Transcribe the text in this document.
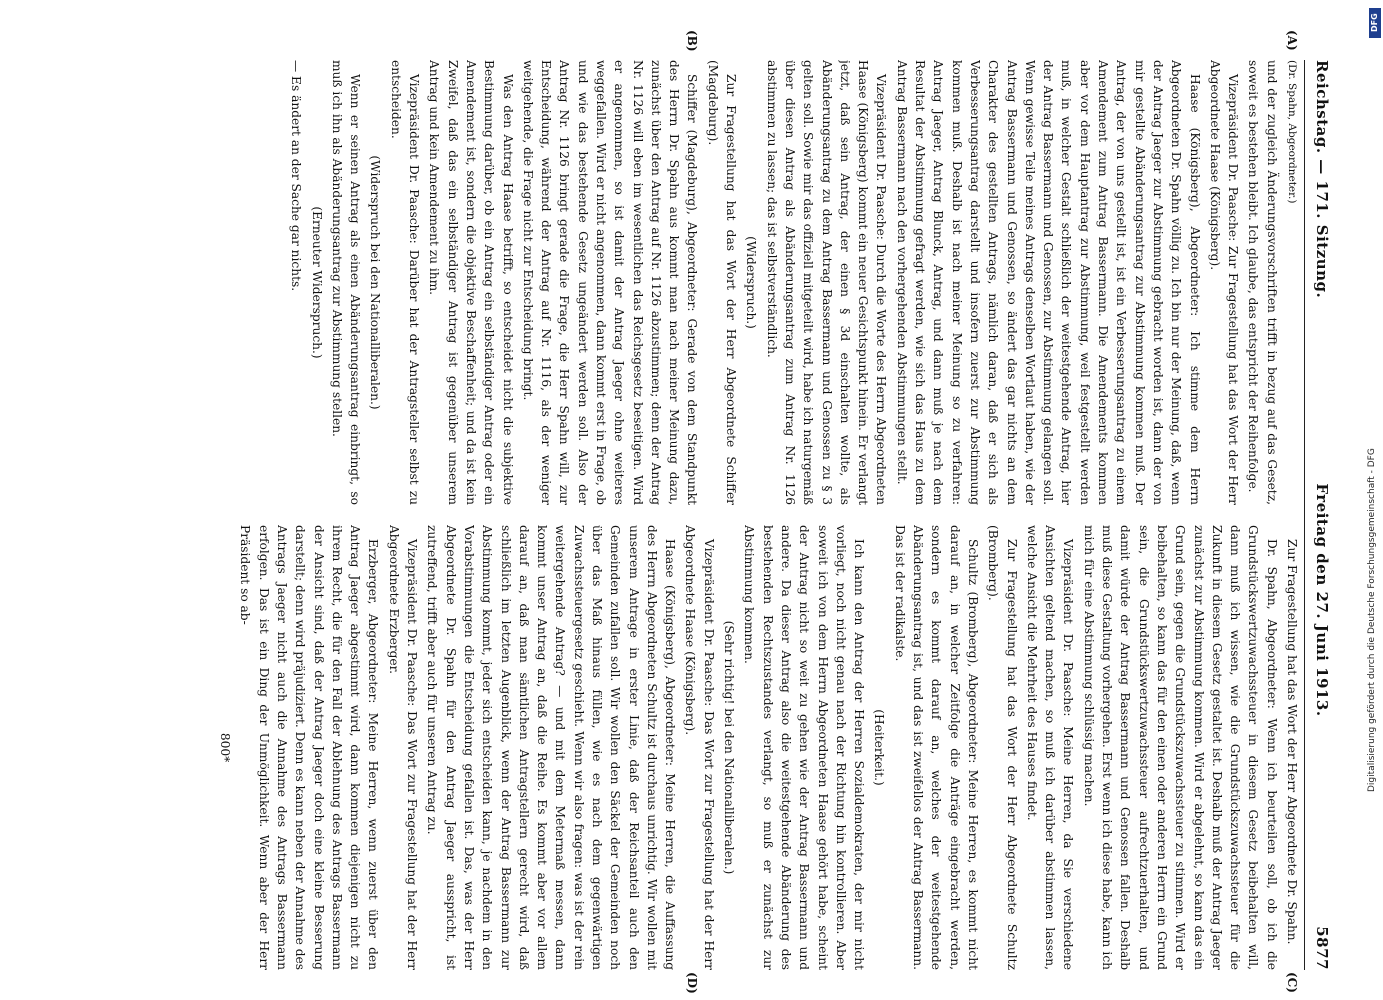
Reichstag. — 171. Sitzung.
Freitag den 27. Juni 1913.
5877
(A)
(B)
(C)
(D)

(Dr. Spahn, Abgeordneter.)

und der zugleich Änderungsvorschriften trifft in bezug auf das Gesetz, soweit es bestehen bleibt. Ich glaube, das entspricht der Reihenfolge.

Vizepräsident Dr. Paasche: Zur Fragestellung hat das Wort der Herr Abgeordnete Haase (Königsberg).

Haase (Königsberg), Abgeordneter: Ich stimme dem Herrn Abgeordneten Dr. Spahn völlig zu. Ich bin nur der Meinung, daß, wenn der Antrag Jaeger zur Abstimmung gebracht worden ist, dann der von mir gestellte Abänderungsantrag zur Abstimmung kommen muß. Der Antrag, der von uns gestellt ist, ist ein Verbesserungsantrag zu einem Amendement zum Antrag Bassermann. Die Amendements kommen aber vor dem Hauptantrag zur Abstimmung, weil festgestellt werden muß, in welcher Gestalt schließlich der weitestgehende Antrag, hier der Antrag Bassermann und Genossen, zur Abstimmung gelangen soll. Wenn gewisse Teile meines Antrags denselben Wortlaut haben, wie der Antrag Bassermann und Genossen, so ändert das gar nichts an dem Charakter des gestellten Antrags, nämlich daran, daß er sich als Verbesserungsantrag darstellt und insofern zuerst zur Abstimmung kommen muß. Deshalb ist nach meiner Meinung so zu verfahren: Antrag Jaeger, Antrag Blunck, Antrag, und dann muß je nach dem Resultat der Abstimmung gefragt werden, wie sich das Haus zu dem Antrag Bassermann nach den vorhergehenden Abstimmungen stellt.

Vizepräsident Dr. Paasche: Durch die Worte des Herrn Abgeordneten Haase (Königsberg) kommt ein neuer Gesichtspunkt hinein. Er verlangt jetzt, daß sein Antrag, der einen § 3d einschalten wollte, als Abänderungsantrag zu dem Antrag Bassermann und Genossen zu § 3 gelten soll. Sowie mir das offiziell mitgeteilt wird, habe ich naturgemäß über diesen Antrag als Abänderungsantrag zum Antrag Nr. 1126 abstimmen zu lassen; das ist selbstverständlich.

(Widerspruch.)

Zur Fragestellung hat das Wort der Herr Abgeordnete Schiffer (Magdeburg).

Schiffer (Magdeburg), Abgeordneter: Gerade von dem Standpunkt des Herrn Dr. Spahn aus kommt man nach meiner Meinung dazu, zunächst über den Antrag auf Nr. 1126 abzustimmen; denn der Antrag Nr. 1126 will eben im wesentlichen das Reichsgesetz beseitigen. Wird er angenommen, so ist damit der Antrag Jaeger ohne weiteres weggefallen. Wird er nicht angenommen, dann kommt erst in Frage, ob und wie das bestehende Gesetz ungeändert werden soll. Also der Antrag Nr. 1126 bringt gerade die Frage, die Herr Spahn will, zur Entscheidung, während der Antrag auf Nr. 1116, als der weniger weitgehende, die Frage nicht zur Entscheidung bringt.

Was den Antrag Haase betrifft, so entscheidet nicht die subjektive Bestimmung darüber, ob ein Antrag ein selbständiger Antrag oder ein Amendement ist, sondern die objektive Beschaffenheit; und da ist kein Zweifel, daß das ein selbständiger Antrag ist gegenüber unserem Antrag und kein Amendement zu ihm.

Vizepräsident Dr. Paasche: Darüber hat der Antragsteller selbst zu entscheiden.

(Widerspruch bei den Nationalliberalen.)

Wenn er seinen Antrag als einen Abänderungsantrag einbringt, so muß ich ihn als Abänderungsantrag zur Abstimmung stellen.

(Erneuter Widerspruch.)

— Es ändert an der Sache gar nichts.

Zur Fragestellung hat das Wort der Herr Abgeordnete Dr. Spahn.

Dr. Spahn, Abgeordneter: Wenn ich beurteilen soll, ob ich die Grundstückswertzuwachssteuer in diesem Gesetz beibehalten will, dann muß ich wissen, wie die Grundstückszuwachssteuer für die Zukunft in diesem Gesetz gestaltet ist. Deshalb muß der Antrag Jaeger zunächst zur Abstimmung kommen. Wird er abgelehnt, so kann das ein Grund sein, gegen die Grundstückszuwachssteuer zu stimmen. Wird er beibehalten, so kann das für den einen oder anderen Herrn ein Grund sein, die Grundstückswertzuwachssteuer aufrechtzuerhalten, und damit würde der Antrag Bassermann und Genossen fallen. Deshalb muß diese Gestaltung vorhergehen. Erst wenn ich diese habe, kann ich mich für eine Abstimmung schlüssig machen.

Vizepräsident Dr. Paasche: Meine Herren, da Sie verschiedene Ansichten geltend machen, so muß ich darüber abstimmen lassen, welche Ansicht die Mehrheit des Hauses findet.

Zur Fragestellung hat das Wort der Herr Abgeordnete Schultz (Bromberg).

Schultz (Bromberg), Abgeordneter: Meine Herren, es kommt nicht darauf an, in welcher Zeitfolge die Anträge eingebracht werden, sondern es kommt darauf an, welches der weitestgehende Abänderungsantrag ist, und das ist zweifellos der Antrag Bassermann. Das ist der radikalste.

(Heiterkeit.)

Ich kann den Antrag der Herren Sozialdemokraten, der mir nicht vorliegt, noch nicht genau nach der Richtung hin kontrollieren. Aber soweit ich von dem Herrn Abgeordneten Haase gehört habe, scheint der Antrag nicht so weit zu gehen wie der Antrag Bassermann und andere. Da dieser Antrag also die weitestgehende Abänderung des bestehenden Rechtszustandes verlangt, so muß er zunächst zur Abstimmung kommen.

(Sehr richtig! bei den Nationalliberalen.)

Vizepräsident Dr. Paasche: Das Wort zur Fragestellung hat der Herr Abgeordnete Haase (Königsberg).

Haase (Königsberg), Abgeordneter: Meine Herren, die Auffassung des Herrn Abgeordneten Schultz ist durchaus unrichtig. Wir wollen mit unserem Antrage in erster Linie, daß der Reichsanteil auch den Gemeinden zufallen soll. Wir wollen den Säckel der Gemeinden noch über das Maß hinaus füllen, wie es nach dem gegenwärtigen Zuwachssteuergesetz geschieht. Wenn wir also fragen: was ist der rein weitergehende Antrag? — und mit dem Metermaß messen, dann kommt unser Antrag an, daß die Reihe. Es kommt aber vor allem darauf an, daß man sämtlichen Antragstellern gerecht wird, daß schließlich im letzten Augenblick, wenn der Antrag Bassermann zur Abstimmung kommt, jeder sich entscheiden kann, je nachdem in den Vorabstimmungen die Entscheidung gefallen ist. Das, was der Herr Abgeordnete Dr. Spahn für den Antrag Jaeger ausspricht, ist zutreffend, trifft aber auch für unseren Antrag zu.

Vizepräsident Dr. Paasche: Das Wort zur Fragestellung hat der Herr Abgeordnete Erzberger.

Erzberger, Abgeordneter: Meine Herren, wenn zuerst über den Antrag Jaeger abgestimmt wird, dann kommen diejenigen nicht zu ihrem Recht, die für den Fall der Ablehnung des Antrags Bassermann der Ansicht sind, daß der Antrag Jaeger doch eine kleine Besserung darstellt; denn wird präjudiziert. Denn es kann neben der Annahme des Antrags Jaeger nicht auch die Annahme des Antrags Bassermann erfolgen. Das ist ein Ding der Unmöglichkeit. Wenn aber der Herr Präsident so ab-

800*

DFG
Digitalisierung gefördert durch die Deutsche Forschungsgemeinschaft - DFG
